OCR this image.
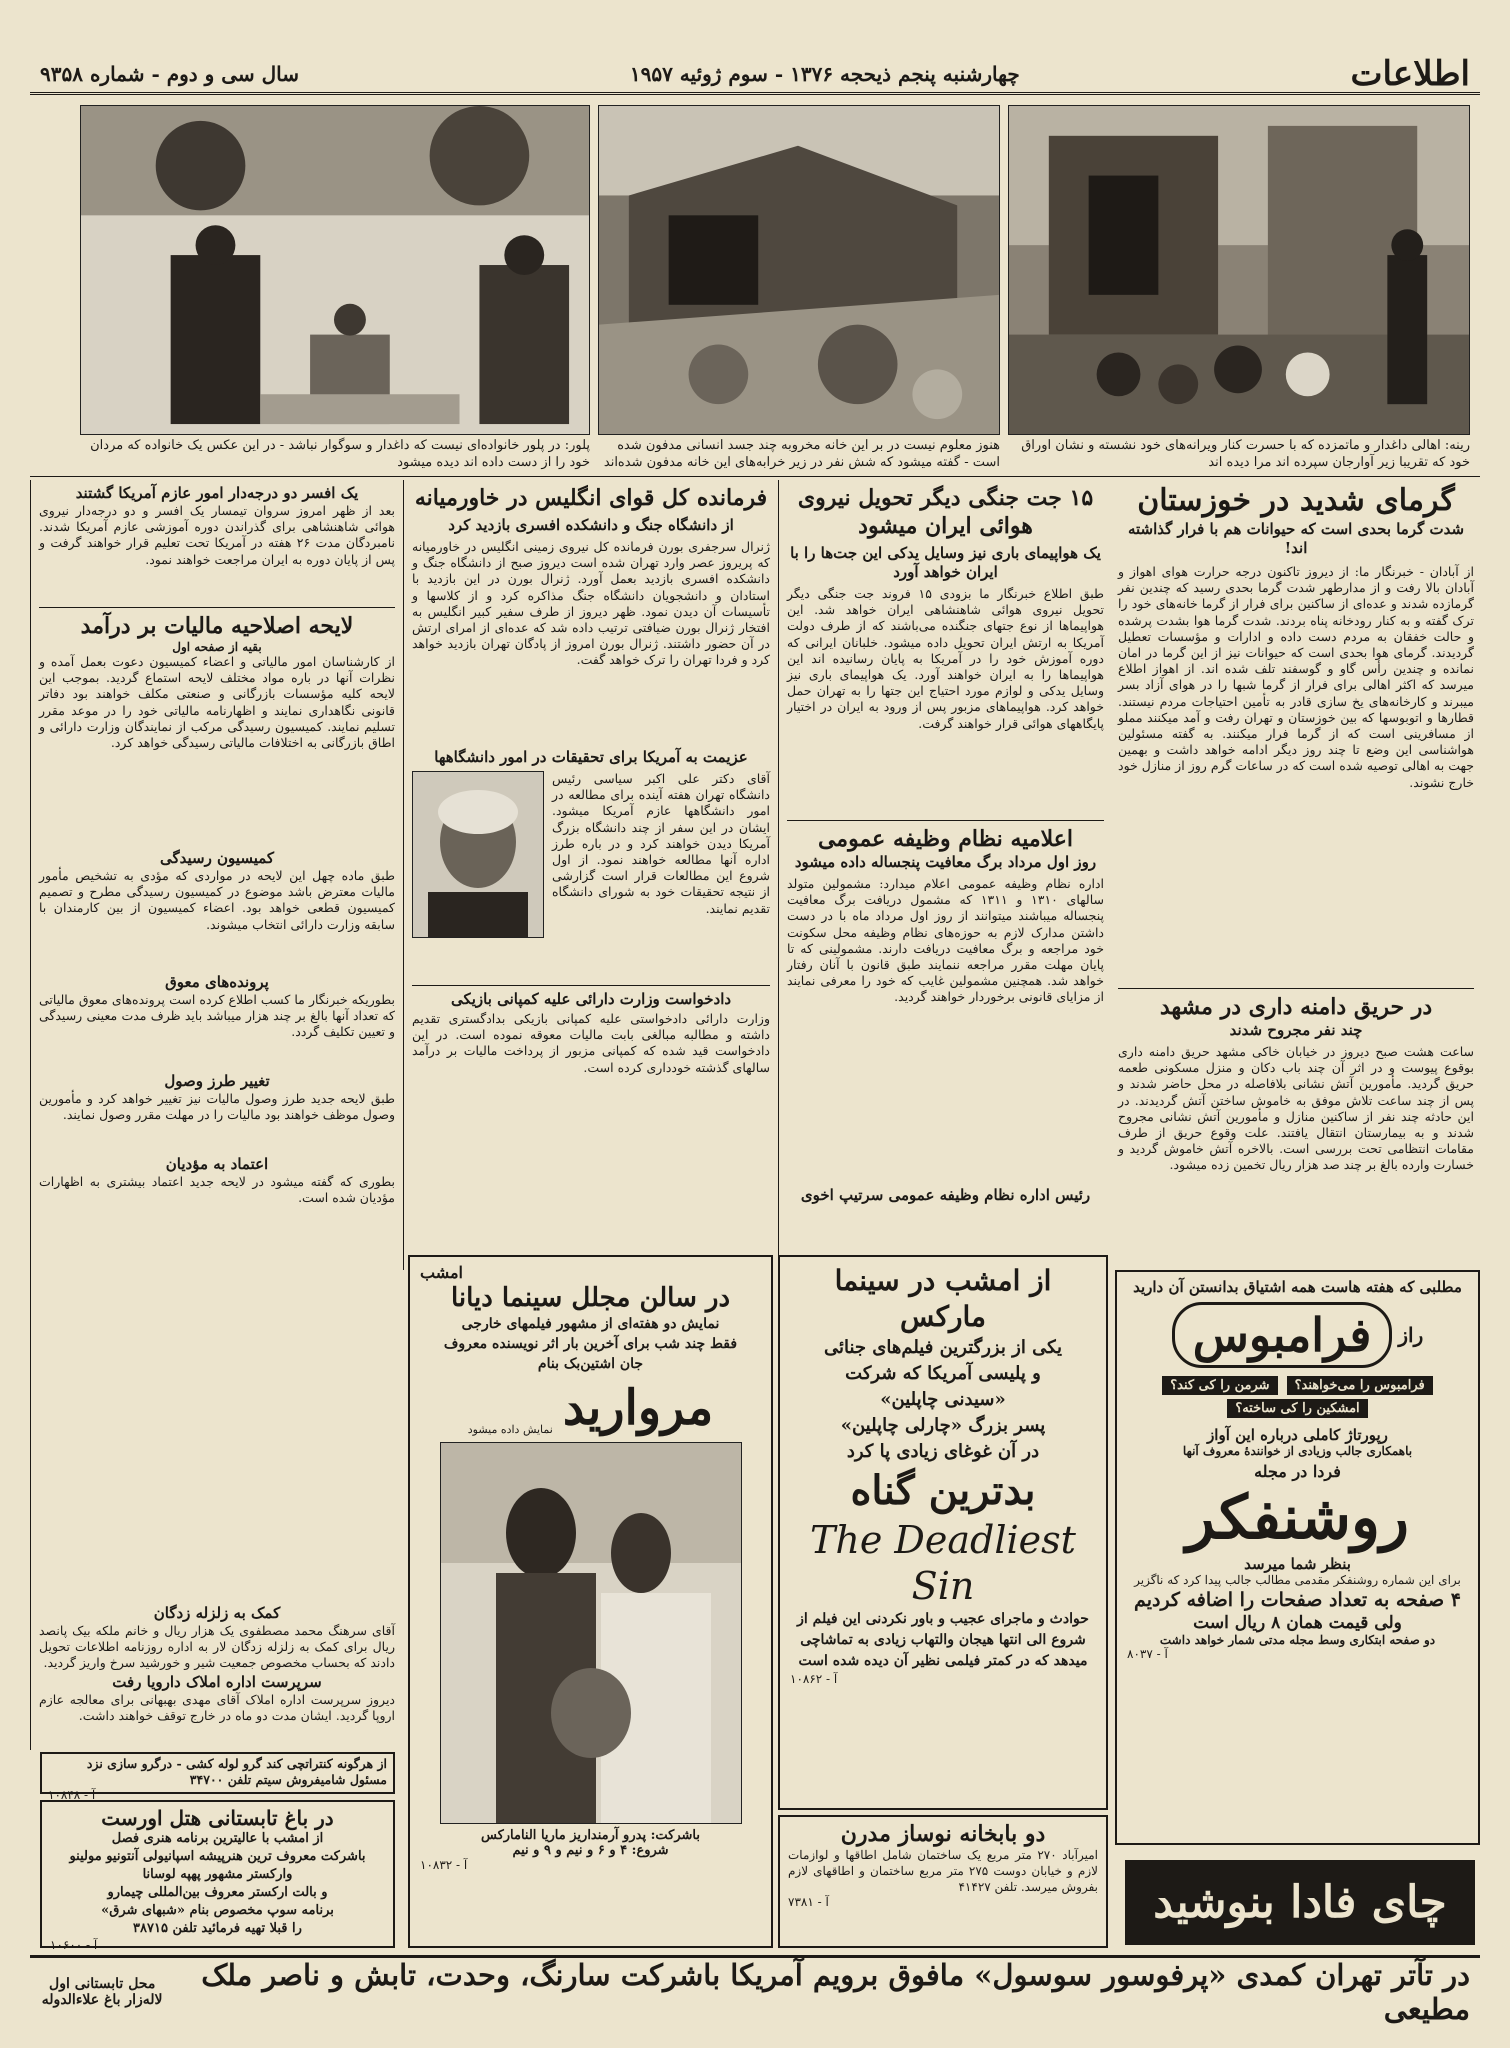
اطلاعات
چهارشنبه پنجم ذیحجه ۱۳۷۶ - سوم ژوئیه ۱۹۵۷
سال سی و دوم - شماره ۹۳۵۸
رینه: اهالی داغدار و ماتمزده که با حسرت کنار ویرانه‌های خود نشسته و نشان اوراق خود که تقریبا زیر آوارجان سپرده اند مرا دیده اند
هنوز معلوم نیست در بر این خانه مخروبه چند جسد انسانی مدفون شده است - گفته میشود که شش نفر در زیر خرابه‌های این خانه مدفون شده‌اند
پلور: در پلور خانواده‌ای نیست که داغدار و سوگوار نباشد - در این عکس یک خانواده که مردان خود را از دست داده اند دیده میشود
گرمای شدید در خوزستان
شدت گرما بحدی است که حیوانات هم با فرار گذاشته اند!
از آبادان - خبرنگار ما: از دیروز تاکنون درجه حرارت هوای اهواز و آبادان بالا رفت و از مدارطهر شدت گرما بحدی رسید که چندین نفر گرمازده شدند و عده‌ای از ساکنین برای فرار از گرما خانه‌های خود را ترک گفته و به کنار رودخانه پناه بردند. شدت گرما هوا بشدت پرشده و حالت خفقان به مردم دست داده و ادارات و مؤسسات تعطیل گردیدند. گرمای هوا بحدی است که حیوانات نیز از این گرما در امان نمانده و چندین رأس گاو و گوسفند تلف شده اند. از اهواز اطلاع میرسد که اکثر اهالی برای فرار از گرما شبها را در هوای آزاد بسر میبرند و کارخانه‌های یخ سازی قادر به تأمین احتیاجات مردم نیستند. قطارها و اتوبوسها که بین خوزستان و تهران رفت و آمد میکنند مملو از مسافرینی است که از گرما فرار میکنند. به گفته مسئولین هواشناسی این وضع تا چند روز دیگر ادامه خواهد داشت و بهمین جهت به اهالی توصیه شده است که در ساعات گرم روز از منازل خود خارج نشوند.
در حریق دامنه داری در مشهد
چند نفر مجروح شدند
ساعت هشت صبح دیروز در خیابان خاکی مشهد حریق دامنه داری بوقوع پیوست و در اثر آن چند باب دکان و منزل مسکونی طعمه حریق گردید. مأمورین آتش نشانی بلافاصله در محل حاضر شدند و پس از چند ساعت تلاش موفق به خاموش ساختن آتش گردیدند. در این حادثه چند نفر از ساکنین منازل و مأمورین آتش نشانی مجروح شدند و به بیمارستان انتقال یافتند. علت وقوع حریق از طرف مقامات انتظامی تحت بررسی است. بالاخره آتش خاموش گردید و خسارت وارده بالغ بر چند صد هزار ریال تخمین زده میشود.
۱۵ جت جنگی دیگر تحویل نیروی هوائی ایران میشود
یک هواپیمای باری نیز وسایل یدکی این جت‌ها را با ایران خواهد آورد
طبق اطلاع خبرنگار ما بزودی ۱۵ فروند جت جنگی دیگر تحویل نیروی هوائی شاهنشاهی ایران خواهد شد. این هواپیماها از نوع جتهای جنگنده می‌باشند که از طرف دولت آمریکا به ارتش ایران تحویل داده میشود. خلبانان ایرانی که دوره آموزش خود را در آمریکا به پایان رسانیده اند این هواپیماها را به ایران خواهند آورد. یک هواپیمای باری نیز وسایل یدکی و لوازم مورد احتیاج این جتها را به تهران حمل خواهد کرد. هواپیماهای مزبور پس از ورود به ایران در اختیار پایگاههای هوائی قرار خواهند گرفت.
اعلامیه نظام وظیفه عمومی
روز اول مرداد برگ معافیت پنجساله داده میشود
اداره نظام وظیفه عمومی اعلام میدارد: مشمولین متولد سالهای ۱۳۱۰ و ۱۳۱۱ که مشمول دریافت برگ معافیت پنجساله میباشند میتوانند از روز اول مرداد ماه با در دست داشتن مدارک لازم به حوزه‌های نظام وظیفه محل سکونت خود مراجعه و برگ معافیت دریافت دارند. مشمولینی که تا پایان مهلت مقرر مراجعه ننمایند طبق قانون با آنان رفتار خواهد شد. همچنین مشمولین غایب که خود را معرفی نمایند از مزایای قانونی برخوردار خواهند گردید.
رئیس اداره نظام وظیفه عمومی سرتیپ اخوی
فرمانده کل قوای انگلیس در خاورمیانه
از دانشگاه جنگ و دانشکده افسری بازدید کرد
ژنرال سرجفری بورن فرمانده کل نیروی زمینی انگلیس در خاورمیانه که پریروز عصر وارد تهران شده است دیروز صبح از دانشگاه جنگ و دانشکده افسری بازدید بعمل آورد. ژنرال بورن در این بازدید با استادان و دانشجویان دانشگاه جنگ مذاکره کرد و از کلاسها و تأسیسات آن دیدن نمود. ظهر دیروز از طرف سفیر کبیر انگلیس به افتخار ژنرال بورن ضیافتی ترتیب داده شد که عده‌ای از امرای ارتش در آن حضور داشتند. ژنرال بورن امروز از پادگان تهران بازدید خواهد کرد و فردا تهران را ترک خواهد گفت.
عزیمت به آمریکا برای تحقیقات در امور دانشگاهها
آقای دکتر علی اکبر سیاسی رئیس دانشگاه تهران هفته آینده برای مطالعه در امور دانشگاهها عازم آمریکا میشود. ایشان در این سفر از چند دانشگاه بزرگ آمریکا دیدن خواهند کرد و در باره طرز اداره آنها مطالعه خواهند نمود. از اول شروع این مطالعات قرار است گزارشی از نتیجه تحقیقات خود به شورای دانشگاه تقدیم نمایند.
دادخواست وزارت دارائی علیه کمپانی بازیکی
وزارت دارائی دادخواستی علیه کمپانی بازیکی بدادگستری تقدیم داشته و مطالبه مبالغی بابت مالیات معوقه نموده است. در این دادخواست قید شده که کمپانی مزبور از پرداخت مالیات بر درآمد سالهای گذشته خودداری کرده است.
یک افسر دو درجه‌دار امور عازم آمریکا گشتند
بعد از ظهر امروز سروان تیمسار یک افسر و دو درجه‌دار نیروی هوائی شاهنشاهی برای گذراندن دوره آموزشی عازم آمریکا شدند. نامبردگان مدت ۲۶ هفته در آمریکا تحت تعلیم قرار خواهند گرفت و پس از پایان دوره به ایران مراجعت خواهند نمود.
لایحه اصلاحیه مالیات بر درآمد
بقیه از صفحه اول
از کارشناسان امور مالیاتی و اعضاء کمیسیون دعوت بعمل آمده و نظرات آنها در باره مواد مختلف لایحه استماع گردید. بموجب این لایحه کلیه مؤسسات بازرگانی و صنعتی مکلف خواهند بود دفاتر قانونی نگاهداری نمایند و اظهارنامه مالیاتی خود را در موعد مقرر تسلیم نمایند. کمیسیون رسیدگی مرکب از نمایندگان وزارت دارائی و اطاق بازرگانی به اختلافات مالیاتی رسیدگی خواهد کرد.
کمیسیون رسیدگی
طبق ماده چهل این لایحه در مواردی که مؤدی به تشخیص مأمور مالیات معترض باشد موضوع در کمیسیون رسیدگی مطرح و تصمیم کمیسیون قطعی خواهد بود. اعضاء کمیسیون از بین کارمندان با سابقه وزارت دارائی انتخاب میشوند.
پرونده‌های معوق
بطوریکه خبرنگار ما کسب اطلاع کرده است پرونده‌های معوق مالیاتی که تعداد آنها بالغ بر چند هزار میباشد باید ظرف مدت معینی رسیدگی و تعیین تکلیف گردد.
تغییر طرز وصول
طبق لایحه جدید طرز وصول مالیات نیز تغییر خواهد کرد و مأمورین وصول موظف خواهند بود مالیات را در مهلت مقرر وصول نمایند.
اعتماد به مؤدیان
بطوری که گفته میشود در لایحه جدید اعتماد بیشتری به اظهارات مؤدیان شده است.
کمک به زلزله زدگان
آقای سرهنگ محمد مصطفوی یک هزار ریال و خانم ملکه بیک پانصد ریال برای کمک به زلزله زدگان لار به اداره روزنامه اطلاعات تحویل دادند که بحساب مخصوص جمعیت شیر و خورشید سرخ واریز گردید.
سرپرست اداره املاک دارویا رفت
دیروز سرپرست اداره املاک آقای مهدی بهبهانی برای معالجه عازم اروپا گردید. ایشان مدت دو ماه در خارج توقف خواهند داشت.
از هرگونه کنتراتچی کند گرو لوله کشی - درگرو سازی نزد مسئول شامیفروش سیتم تلفن ۳۴۷۰۰
آ - ۱۰۸۴۸
در باغ تابستانی هتل اورست
از امشب با عالیترین برنامه هنری فصل
باشرکت معروف ترین هنرپیشه اسپانیولی آنتونیو مولینو
وارکستر مشهور پهپه لوسانا
و بالت ارکستر معروف بین‌المللی چیمارو
برنامه سوپ مخصوص بنام «شبهای شرق»
را قبلا تهیه فرمائید تلفن ۳۸۷۱۵
آ - ۱۰۶۰۰
امشب
در سالن مجلل سینما دیانا
نمایش دو هفته‌ای از مشهور فیلمهای خارجی
فقط چند شب برای آخرین بار اثر نویسنده معروف
جان اشتین‌بک بنام
مروارید
نمایش داده میشود
باشرکت: پدرو آرمنداریز ماریا الناماركس
شروع: ۴ و ۶ و نیم و ۹ و نیم
آ - ۱۰۸۳۲
از امشب در سینما مارکس
یکی از بزرگترین فیلم‌های جنائی
و پلیسی آمریکا که شرکت
«سیدنی چاپلین»
پسر بزرگ «چارلی چاپلین»
در آن غوغای زیادی پا کرد
بدترین گناه
The Deadliest Sin
حوادث و ماجرای عجیب و باور نکردنی این فیلم از شروع الی انتها هیجان والتهاب زیادی به تماشاچی میدهد که در کمتر فیلمی نظیر آن دیده شده است
آ - ۱۰۸۶۲
دو بابخانه نوساز مدرن
امیرآباد ۲۷۰ متر مربع یک ساختمان شامل اطاقها و لوازمات لازم و خیابان دوست ۲۷۵ متر مربع ساختمان و اطاقهای لازم بفروش میرسد. تلفن ۴۱۴۲۷
آ - ۷۳۸۱
مطلبی که هفته هاست همه اشتیاق بدانستن آن دارید
راز
فرامبوس
فرامبوس را می‌خواهند؟ شرمن را کی کند؟ امشکین را کی ساخته؟
رپورتاژ کاملی درباره این آواز
باهمکاری جالب وزیادی از خوانندهٔ معروف آنها
فردا در مجله
روشنفکر
بنظر شما میرسد
برای این شماره روشنفکر مقدمی مطالب جالب پیدا کرد که ناگزیر
۴ صفحه به تعداد صفحات را اضافه کردیم
ولی قیمت همان ۸ ریال است
دو صفحه ابتکاری وسط مجله مدتی شمار خواهد داشت
آ - ۸۰۳۷
چای فادا بنوشید
در تآتر تهران کمدی «پرفوسور سوسول» مافوق برویم آمریکا باشرکت سارنگ، وحدت، تابش و ناصر ملک مطیعی
محل تابستانی اول لاله‌زار باغ علاءالدوله
